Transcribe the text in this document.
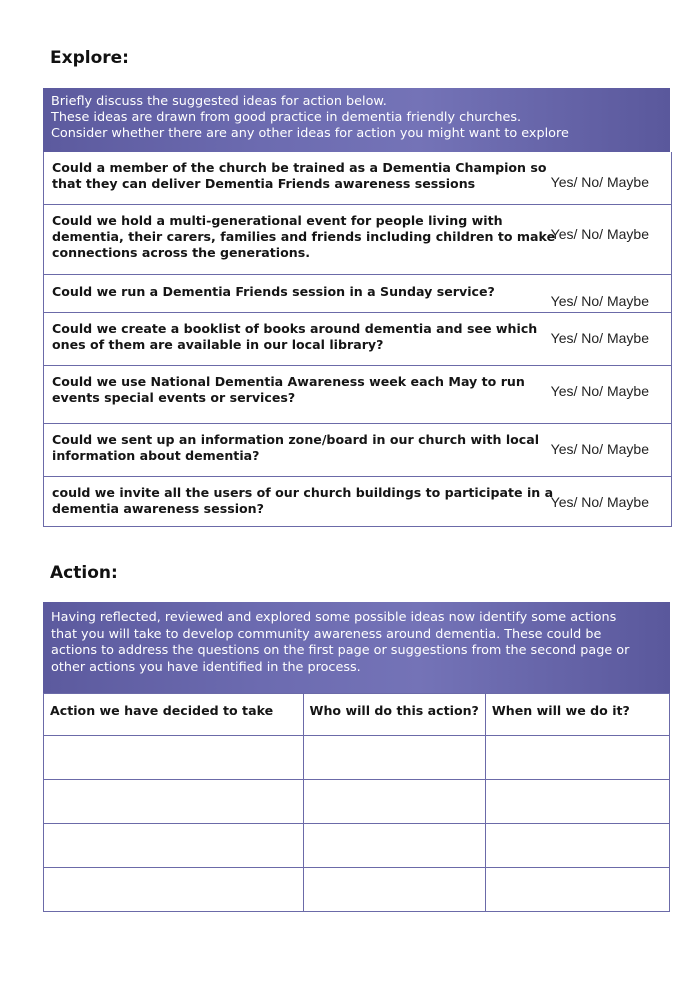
Explore:
Briefly discuss the suggested ideas for action below.
These ideas are drawn from good practice in dementia friendly churches.
Consider whether there are any other ideas for action you might want to explore
Could a member of the church be trained as a Dementia Champion so
that they can deliver Dementia Friends awareness sessions	Yes/ No/ Maybe
Could we hold a multi-generational event for people living with
dementia, their carers, families and friends including children to make
connections across the generations.
Yes/ No/ Maybe
Could we run a Dementia Friends session in a Sunday service?
Yes/ No/ Maybe
Could we create a booklist of books around dementia and see which
ones of them are available in our local library?	Yes/ No/ Maybe
Could we use National Dementia Awareness week each May to run
events special events or services?	Yes/ No/ Maybe
Could we sent up an information zone/board in our church with local
information about dementia?	Yes/ No/ Maybe
could we invite all the users of our church buildings to participate in a
dementia awareness session?	Yes/ No/ Maybe
Action:
Having reflected, reviewed and explored some possible ideas now identify some actions
that you will take to develop community awareness around dementia. These could be
actions to address the questions on the first page or suggestions from the second page or
other actions you have identified in the process.
Action we have decided to take	Who will do this action?	When will we do it?
